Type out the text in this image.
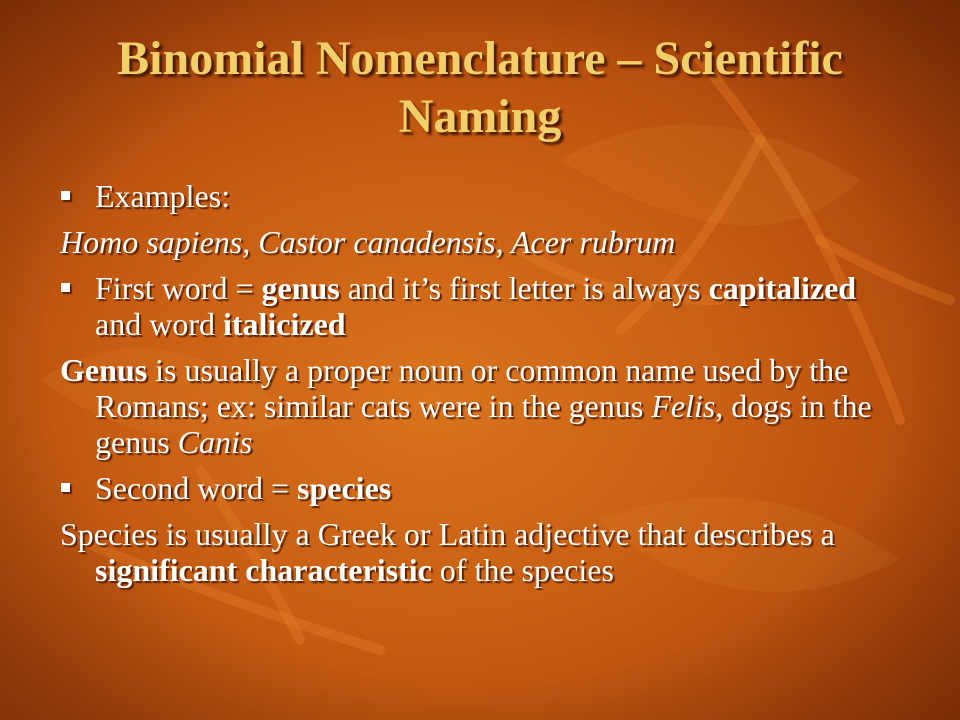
Binomial Nomenclature – Scientific Naming
Examples:
Homo sapiens, Castor canadensis, Acer rubrum
First word = genus and it’s first letter is always capitalized and word italicized
Genus is usually a proper noun or common name used by the Romans; ex: similar cats were in the genus Felis, dogs in the genus Canis
Second word = species
Species is usually a Greek or Latin adjective that describes a significant characteristic of the species
